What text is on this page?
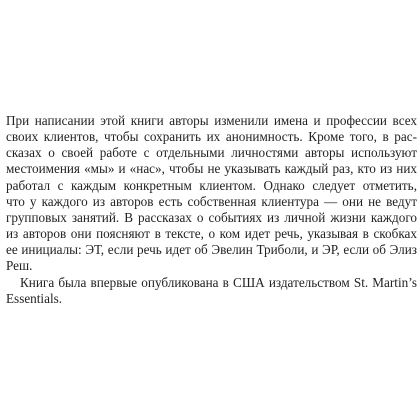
При написании этой книги авторы изменили имена и профессии всех
своих клиентов, чтобы сохранить их анонимность. Кроме того, в рас-
сказах о своей работе с отдельными личностями авторы используют
местоимения «мы» и «нас», чтобы не указывать каждый раз, кто из них
работал с каждым конкретным клиентом. Однако следует отметить,
что у каждого из авторов есть собственная клиентура — они не ведут
групповых занятий. В рассказах о событиях из личной жизни каждого
из авторов они поясняют в тексте, о ком идет речь, указывая в скобках
ее инициалы: ЭТ, если речь идет об Эвелин Триболи, и ЭР, если об Элиз
Реш.
Книга была впервые опубликована в США издательством St. Martin’s
Essentials.
